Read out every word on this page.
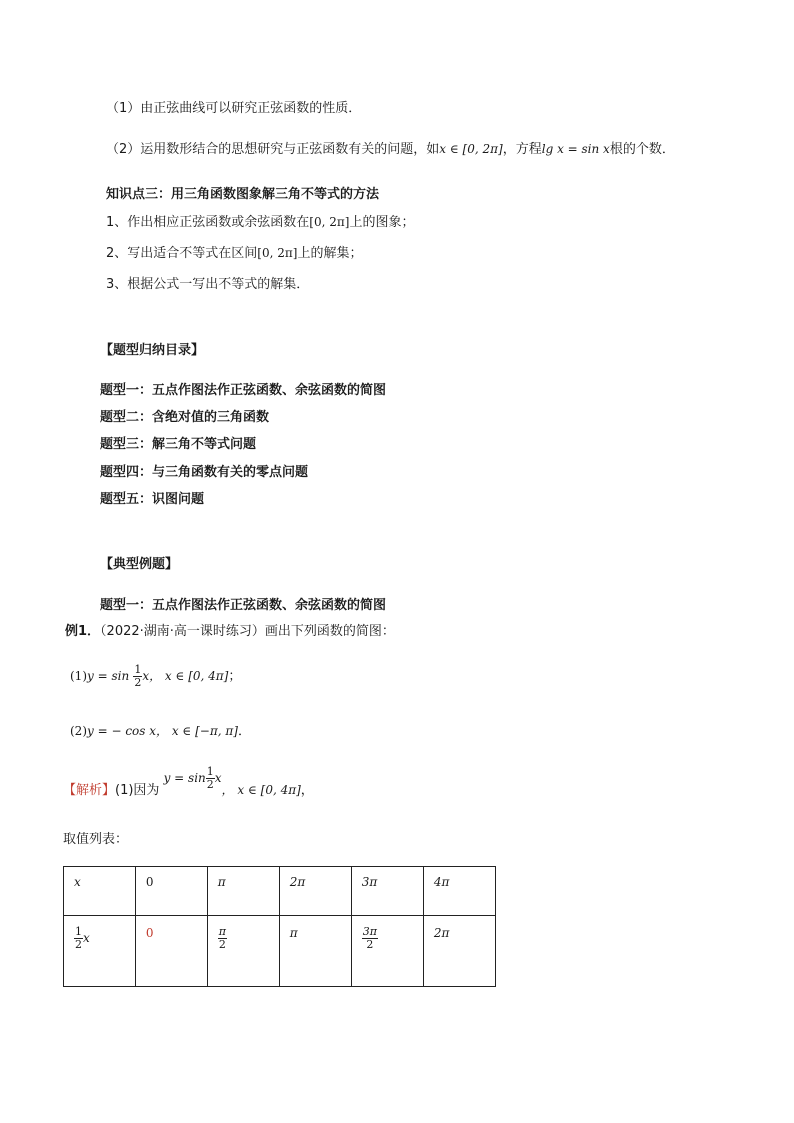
（1）由正弦曲线可以研究正弦函数的性质．
（2）运用数形结合的思想研究与正弦函数有关的问题，如x ∈ [0, 2π]，方程lg x = sin x根的个数．
知识点三：用三角函数图象解三角不等式的方法
1、作出相应正弦函数或余弦函数在[0, 2π]上的图象；
2、写出适合不等式在区间[0, 2π]上的解集；
3、根据公式一写出不等式的解集．
【题型归纳目录】
题型一：五点作图法作正弦函数、余弦函数的简图
题型二：含绝对值的三角函数
题型三：解三角不等式问题
题型四：与三角函数有关的零点问题
题型五：识图问题
【典型例题】
题型一：五点作图法作正弦函数、余弦函数的简图
例1．（2022·湖南·高一课时练习）画出下列函数的简图：
$(1)y = \sin \frac{1}{2}$ x， x ∈ [0, 4π]；
(2)y = − cos x， x ∈ [−π, π]．
【解析】(1)因为 $y = \sin \frac{1}{2}$ x， x ∈ [0, 4π]，
取值列表：
x	0	π	2π	3π	4π

$\frac{1}{2}$ x	0	$\frac{\pi}{2}$	π	$\frac{3\pi}{2}$	2π
